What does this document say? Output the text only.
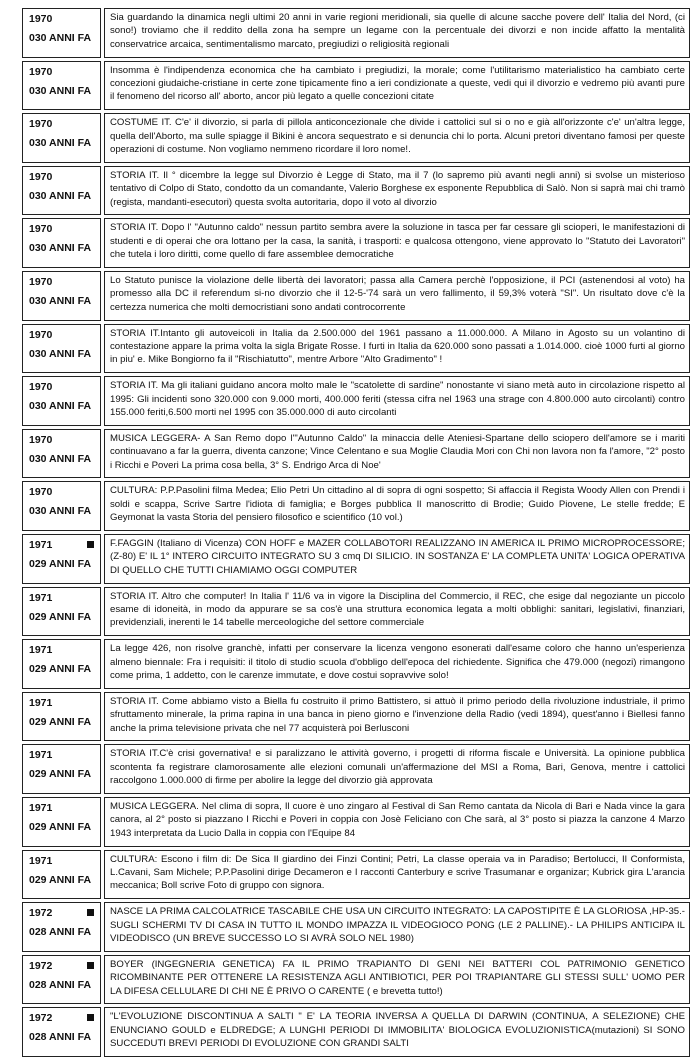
1970
030 ANNI FA
Sia guardando la dinamica negli ultimi 20 anni in varie regioni meridionali, sia quelle di alcune sacche povere dell' Italia del Nord, (ci sono!) troviamo che il reddito della zona ha sempre un legame con la percentuale dei divorzi e non incide affatto la mentalità conservatrice arcaica, sentimentalismo marcato, pregiudizi o religiosità regionali
1970
030 ANNI FA
Insomma è l'indipendenza economica che ha cambiato i pregiudizi, la morale; come l'utilitarismo materialistico ha cambiato certe concezioni giudaiche-cristiane in certe zone tipicamente fino a ieri condizionate a queste, vedi qui il divorzio e vedremo più avanti pure il fenomeno del ricorso all' aborto, ancor più legato a quelle concezioni citate
1970
030 ANNI FA
COSTUME IT. C'e' il divorzio, si parla di pillola anticoncezionale che divide i cattolici sul si o no e già all'orizzonte c'e' un'altra legge, quella dell'Aborto, ma sulle spiagge il Bikini è ancora sequestrato e si denuncia chi lo porta. Alcuni pretori diventano famosi per queste operazioni di costume. Non vogliamo nemmeno ricordare il loro nome!.
1970
030 ANNI FA
STORIA IT. Il ° dicembre la legge sul Divorzio è Legge di Stato, ma il 7 (lo sapremo più avanti negli anni) si svolse un misterioso tentativo di Colpo di Stato, condotto da un comandante, Valerio Borghese ex esponente Repubblica di Salò. Non si saprà mai chi tramò (regista, mandanti-esecutori) questa svolta autoritaria, dopo il voto al divorzio
1970
030 ANNI FA
STORIA IT. Dopo l' "Autunno caldo" nessun partito sembra avere la soluzione in tasca per far cessare gli scioperi, le manifestazioni di studenti e di operai che ora lottano per la casa, la sanità, i trasporti: e qualcosa ottengono, viene approvato lo "Statuto dei Lavoratori" che tutela i loro diritti, come quello di fare assemblee democratiche
1970
030 ANNI FA
Lo Statuto punisce la violazione delle libertà dei lavoratori; passa alla Camera perchè l'opposizione, il PCI (astenendosi al voto) ha promesso alla DC il referendum si-no divorzio che il 12-5-'74 sarà un vero fallimento, il 59,3% voterà "SI". Un risultato dove c'è la certezza numerica che molti democristiani sono andati controcorrente
1970
030 ANNI FA
STORIA IT.Intanto gli autoveicoli in Italia da 2.500.000 del 1961 passano a 11.000.000. A Milano in Agosto su un volantino di contestazione appare la prima volta la sigla Brigate Rosse. I furti in Italia da 620.000 sono passati a 1.014.000. cioè 1000 furti al giorno in piu' e. Mike Bongiorno fa il "Rischiatutto", mentre Arbore "Alto Gradimento" !
1970
030 ANNI FA
STORIA IT. Ma gli italiani guidano ancora molto male le "scatolette di sardine" nonostante vi siano metà auto in circolazione rispetto al 1995: Gli incidenti sono 320.000 con 9.000 morti, 400.000 feriti (stessa cifra nel 1963 una strage con 4.800.000 auto circolanti) contro 155.000 feriti,6.500 morti nel 1995 con 35.000.000 di auto circolanti
1970
030 ANNI FA
MUSICA LEGGERA- A San Remo dopo l'"Autunno Caldo" la minaccia delle Ateniesi-Spartane dello sciopero dell'amore se i mariti continuavano a far la guerra, diventa canzone; Vince Celentano e sua Moglie Claudia Mori con Chi non lavora non fa l'amore, "2° posto i Ricchi e Poveri La prima cosa bella, 3° S. Endrigo Arca di Noe'
1970
030 ANNI FA
CULTURA: P.P.Pasolini filma Medea; Elio Petri Un cittadino al di sopra di ogni sospetto; Si affaccia il Regista Woody Allen con Prendi i soldi e scappa, Scrive Sartre l'idiota di famiglia; e Borges pubblica Il manoscritto di Brodie; Guido Piovene, Le stelle fredde; E Geymonat la vasta Storia del pensiero filosofico e scientifico (10 vol.)
1971
029 ANNI FA
F.FAGGIN (Italiano di Vicenza) CON HOFF e MAZER COLLABOTORI REALIZZANO IN AMERICA IL PRIMO MICROPROCESSORE; (Z-80) E' IL 1° INTERO CIRCUITO INTEGRATO SU 3 cmq DI SILICIO. IN SOSTANZA E' LA COMPLETA UNITA' LOGICA OPERATIVA DI QUELLO CHE TUTTI CHIAMIAMO OGGI COMPUTER
1971
029 ANNI FA
STORIA IT. Altro che computer! In Italia l' 11/6 va in vigore la Disciplina del Commercio, il REC, che esige dal negoziante un piccolo esame di idoneità, in modo da appurare se sa cos'è una struttura economica legata a molti obblighi: sanitari, legislativi, finanziari, previdenziali, inerenti le 14 tabelle merceologiche del settore commerciale
1971
029 ANNI FA
La legge 426, non risolve granchè, infatti per conservare la licenza vengono esonerati dall'esame coloro che hanno un'esperienza almeno biennale: Fra i requisiti: il titolo di studio scuola d'obbligo dell'epoca del richiedente. Significa che 479.000 (negozi) rimangono come prima, 1 addetto, con le carenze immutate, e dove costui sopravvive solo!
1971
029 ANNI FA
STORIA IT. Come abbiamo visto a Biella fu costruito il primo Battistero, si attuò il primo periodo della rivoluzione industriale, il primo sfruttamento minerale, la prima rapina in una banca in pieno giorno e l'invenzione della Radio (vedi 1894), quest'anno i Biellesi fanno anche la prima televisione privata che nel 77 acquisterà poi Berlusconi
1971
029 ANNI FA
STORIA IT.C'è crisi governativa! e si paralizzano le attività governo, i progetti di riforma fiscale e Università. La opinione pubblica scontenta fa registrare clamorosamente alle elezioni comunali un'affermazione del MSI a Roma, Bari, Genova, mentre i cattolici raccolgono 1.000.000 di firme per abolire la legge del divorzio già approvata
1971
029 ANNI FA
MUSICA LEGGERA. Nel clima di sopra, Il cuore è uno zingaro al Festival di San Remo cantata da Nicola di Bari e Nada vince la gara canora, al 2° posto si piazzano I Ricchi e Poveri in coppia con Josè Feliciano con Che sarà, al 3° posto si piazza la canzone 4 Marzo 1943 interpretata da Lucio Dalla in coppia con l'Equipe 84
1971
029 ANNI FA
CULTURA: Escono i film di: De Sica Il giardino dei Finzi Contini; Petri, La classe operaia va in Paradiso; Bertolucci, Il Conformista, L.Cavani, Sam Michele; P.P.Pasolini dirige Decameron e I racconti Canterbury e scrive Trasumanar e organizar; Kubrick gira L'arancia meccanica; Boll scrive Foto di gruppo con signora.
1972
028 ANNI FA
NASCE LA PRIMA CALCOLATRICE TASCABILE CHE USA UN CIRCUITO INTEGRATO: LA CAPOSTIPITE È LA GLORIOSA ,HP-35.- SUGLI SCHERMI TV DI CASA IN TUTTO IL MONDO IMPAZZA IL VIDEOGIOCO PONG (LE 2 PALLINE).- LA PHILIPS ANTICIPA IL VIDEODISCO (UN BREVE SUCCESSO LO SI AVRÀ SOLO NEL 1980)
1972
028 ANNI FA
BOYER (INGEGNERIA GENETICA) FA IL PRIMO TRAPIANTO DI GENI NEI BATTERI COL PATRIMONIO GENETICO RICOMBINANTE PER OTTENERE LA RESISTENZA AGLI ANTIBIOTICI, PER POI TRAPIANTARE GLI STESSI SULL' UOMO PER LA DIFESA CELLULARE DI CHI NE È PRIVO O CARENTE ( e brevetta tutto!)
1972
028 ANNI FA
"L'EVOLUZIONE DISCONTINUA A SALTI " E' LA TEORIA INVERSA A QUELLA DI DARWIN (CONTINUA, A SELEZIONE) CHE ENUNCIANO GOULD e ELDREDGE; A LUNGHI PERIODI DI IMMOBILITA' BIOLOGICA EVOLUZIONISTICA(mutazioni) SI SONO SUCCEDUTI BREVI PERIODI DI EVOLUZIONE CON GRANDI SALTI
